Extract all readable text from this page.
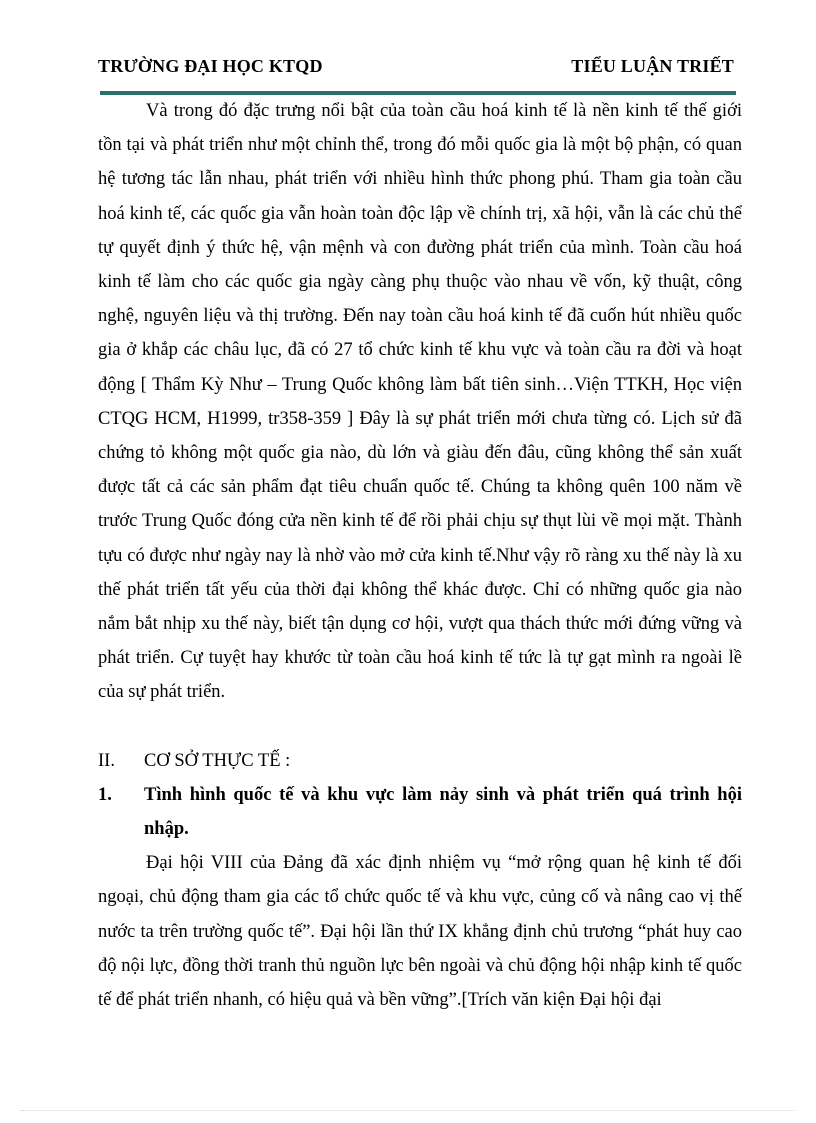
TRƯỜNG ĐẠI HỌC KTQD	TIỂU LUẬN TRIẾT

Và trong đó đặc trưng nổi bật của toàn cầu hoá kinh tế là nền kinh tế thế giới tồn tại và phát triển như một chỉnh thể, trong đó mỗi quốc gia là một bộ phận, có quan hệ tương tác lẫn nhau, phát triển với nhiều hình thức phong phú. Tham gia toàn cầu hoá kinh tế, các quốc gia vẫn hoàn toàn độc lập về chính trị, xã hội, vẫn là các chủ thể tự quyết định ý thức hệ, vận mệnh và con đường phát triển của mình. Toàn cầu hoá kinh tế làm cho các quốc gia ngày càng phụ thuộc vào nhau về vốn, kỹ thuật, công nghệ, nguyên liệu và thị trường. Đến nay toàn cầu hoá kinh tế đã cuốn hút nhiều quốc gia ở khắp các châu lục, đã có 27 tổ chức kinh tế khu vực và toàn cầu ra đời và hoạt động [ Thẩm Kỳ Như – Trung Quốc không làm bất tiên sinh…Viện TTKH, Học viện CTQG HCM, H1999, tr358-359 ] Đây là sự phát triển mới chưa từng có. Lịch sử đã chứng tỏ không một quốc gia nào, dù lớn và giàu đến đâu, cũng không thể sản xuất được tất cả các sản phẩm đạt tiêu chuẩn quốc tế. Chúng ta không quên 100 năm về trước Trung Quốc đóng cửa nền kinh tế để rồi phải chịu sự thụt lùi về mọi mặt. Thành tựu có được như ngày nay là nhờ vào mở cửa kinh tế.Như vậy rõ ràng xu thế này là xu thế phát triển tất yếu của thời đại không thể khác được. Chỉ có những quốc gia nào nắm bắt nhịp xu thế này, biết tận dụng cơ hội, vượt qua thách thức mới đứng vững và phát triển. Cự tuyệt hay khước từ toàn cầu hoá kinh tế tức là tự gạt mình ra ngoài lề của sự phát triển.

II.	CƠ SỞ THỰC TẾ :
1.	Tình hình quốc tế và khu vực làm nảy sinh và phát triển quá trình hội nhập.

Đại hội VIII của Đảng đã xác định nhiệm vụ “mở rộng quan hệ kinh tế đối ngoại, chủ động tham gia các tổ chức quốc tế và khu vực, củng cố và nâng cao vị thế nước ta trên trường quốc tế”. Đại hội lần thứ IX khẳng định chủ trương “phát huy cao độ nội lực, đồng thời tranh thủ nguồn lực bên ngoài và chủ động hội nhập kinh tế quốc tế để phát triển nhanh, có hiệu quả và bền vững”.[Trích văn kiện Đại hội đại
